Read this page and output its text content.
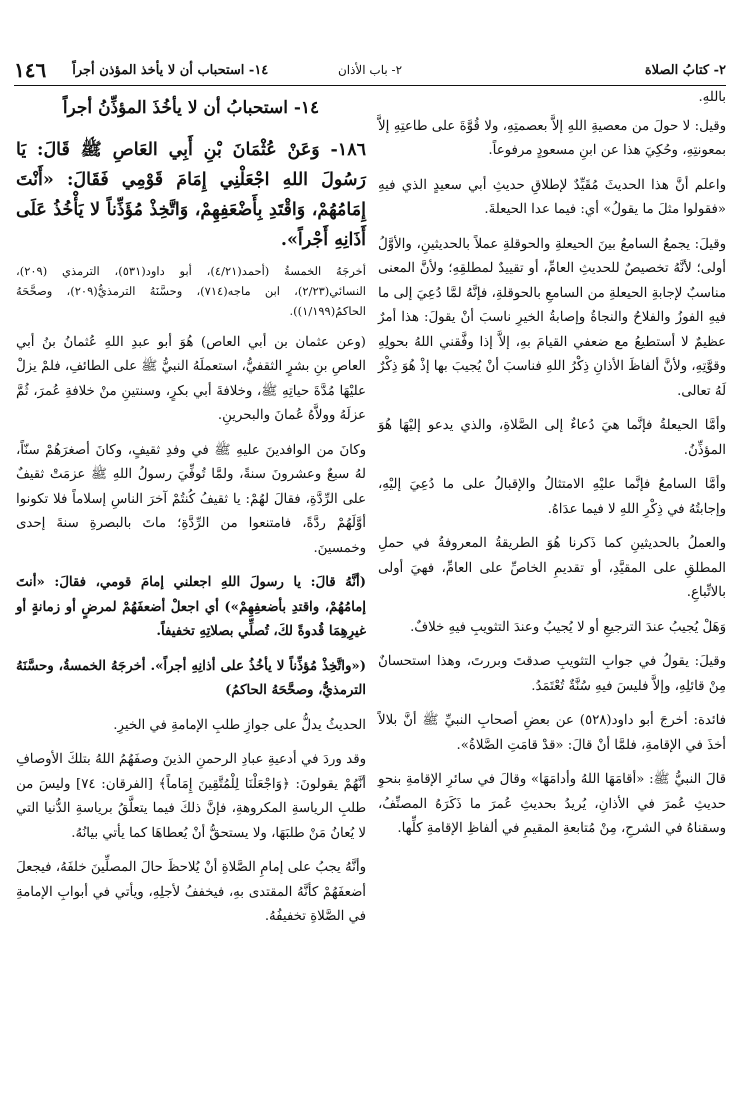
٢- كتابُ الصلاة
٢- باب الأذان
١٤- استحباب أن لا يأخذ المؤذن أجراً
١٤٦

باللهِ.

وقيل: لا حولَ من معصيةِ اللهِ إلاَّ بعصمتِهِ، ولا قُوَّةَ على طاعتِهِ إلاَّ بمعونتِهِ، وحُكِيَ هذا عن ابنِ مسعودٍ مرفوعاً.

واعلم أنَّ هذا الحديثَ مُقَيِّدٌ لإطلاقِ حديثِ أبي سعيدٍ الذي فيهِ «فقولوا مثلَ ما يقولُ» أي: فيما عدا الحيعلةَ.

وقيلَ: يجمعُ السامعُ بينَ الحيعلةِ والحوقلةِ عملاً بالحديثينِ، والأوَّلُ أولى؛ لأنَّهُ تخصيصٌ للحديثِ العامِّ، أو تقييدٌ لمطلقِهِ؛ ولأنَّ المعنى مناسبٌ لإجابةِ الحيعلةِ من السامعِ بالحوقلةِ، فإنَّهُ لمَّا دُعِيَ إلى ما فيهِ الفوزُ والفلاحُ والنجاةُ وإصابةُ الخيرِ ناسبَ أنْ يقولَ: هذا أمرٌ عظيمٌ لا أستطيعُ مع ضعفي القيامَ بهِ، إلاَّ إذا وفَّقني اللهُ بحولِهِ وقوَّتِهِ، ولأنَّ ألفاظَ الأذانِ ذِكْرُ اللهِ فناسبَ أنْ يُجيبَ بها إذْ هُوَ ذِكْرٌ لَهُ تعالى.

وأمَّا الحيعلةُ فإنَّما هيَ دُعاءٌ إلى الصَّلاةِ، والذي يدعو إليْهَا هُوَ المؤذِّنُ.

وأمَّا السامعُ فإنَّما عليْهِ الامتثالُ والإقبالُ على ما دُعِيَ إليْهِ، وإجابتُهُ في ذِكْرِ اللهِ لا فيما عدَاهُ.

والعملُ بالحديثينِ كما ذَكرنا هُوَ الطريقةُ المعروفةُ في حملِ المطلقِ على المقيَّدِ، أو تقديمِ الخاصِّ على العامِّ، فهيَ أولى بالاتِّباعِ.

وَهَلْ يُجيبُ عندَ الترجيعِ أو لا يُجيبُ وعندَ التثويبِ فيهِ خلافٌ.

وقيلَ: يقولُ في جوابِ التثويبِ صدقتَ وبررتَ، وهذا استحسانٌ مِنْ قائلِهِ، وإلاَّ فليسَ فيهِ سُنَّةٌ تُعْتَمَدُ.

فائدة: أخرجَ أبو داود(٥٢٨) عن بعضِ أصحابِ النبيِّ ﷺ أنَّ بلالاً أخذَ في الإقامةِ، فلمَّا أنْ قالَ: «قدْ قامَتِ الصَّلاةُ».

قالَ النبيُّ ﷺ: «أقامَهَا اللهُ وأدامَهَا» وقالَ في سائرِ الإقامةِ بنحوِ حديثِ عُمرَ في الأذانِ، يُريدُ بحديثِ عُمرَ ما ذَكَرَهُ المصنِّفُ، وسقناهُ في الشرحِ، مِنْ مُتابعةِ المقيمِ في ألفاظِ الإقامةِ كلِّها.

١٤- استحبابُ أن لا يأخُذَ المؤذِّنُ أجراً

١٨٦- وَعَنْ عُثْمَانَ بْنِ أَبِي العَاصِ ﷺ قَالَ: يَا رَسُولَ اللهِ اجْعَلْنِي إِمَامَ قَوْمِي فَقَالَ: «أَنْتَ إِمَامُهُمْ، وَاقْتَدِ بِأَضْعَفِهِمْ، وَاتَّخِذْ مُؤَذِّناً لا يَأْخُذُ عَلَى أَذَانِهِ أَجْراً».

أخرجَهُ الخمسةُ (أحمد(٤/٢١)، أبو داود(٥٣١)، الترمذي (٢٠٩)، النسائي(٢/٢٣)، ابن ماجه(٧١٤)، وحسَّنَهُ الترمذيُّ(٢٠٩)، وصحَّحَهُ الحاكمُ(١/١٩٩)).

(وعن عثمان بن أبي العاص) هُوَ أبو عبدِ اللهِ عُثمانُ بنُ أبي العاصِ بنِ بشرٍ الثقفيُّ، استعملَهُ النبيُّ ﷺ على الطائفِ، فلمْ يزلْ عليْهَا مُدَّةَ حياتِهِ ﷺ، وخلافةَ أبي بكرٍ، وسنتينِ منْ خلافةِ عُمرَ، ثُمَّ عزلَهُ وولاَّهُ عُمانَ والبحرينِ.

وكانَ من الوافدينَ عليهِ ﷺ في وفدِ ثقيفٍ، وكانَ أصغرَهُمْ سنّاً، لهُ سبعٌ وعشرونَ سنةً، ولمَّا تُوفِّيَ رسولُ اللهِ ﷺ عزمَتْ ثقيفٌ على الرِّدَّةِ، فقالَ لهُمْ: يا ثقيفُ كُنتُمْ آخرَ الناسِ إسلاماً فلا تكونوا أوَّلَهُمْ ردَّةً، فامتنعوا من الرِّدَّةِ؛ ماتَ بالبصرةِ سنةَ إحدى وخمسينَ.

(أنَّهُ قالَ: يا رسولَ اللهِ اجعلني إمامَ قومي، فقالَ: «أنتَ إمامُهُمْ، واقتدِ بأضعفِهِمْ») أي اجعلْ أضعفَهُمْ لمرضٍ أو زمانةٍ أو غيرِهِمَا قُدوةً لكَ، تُصلِّي بصلاتِهِ تخفيفاً.

(«واتَّخِذْ مُؤذِّناً لا يأخُذُ على أذانِهِ أجراً». أخرجَهُ الخمسةُ، وحسَّنَهُ الترمذيُّ، وصحَّحَهُ الحاكمُ)

الحديثُ يدلُّ على جوازِ طلبِ الإمامةِ في الخيرِ.

وقد وردَ في أدعيةِ عبادِ الرحمنِ الذينَ وصفَهُمُ اللهُ بتلكَ الأوصافِ أنَّهُمْ يقولونَ: ﴿وَاجْعَلْنَا لِلْمُتَّقِينَ إِمَاماً﴾ [الفرقان: ٧٤] وليسَ من طلبِ الرياسةِ المكروهةِ، فإنَّ ذلكَ فيما يتعلَّقُ برياسةِ الدُّنيا التي لا يُعانُ مَنْ طلبَهَا، ولا يستحقُّ أنْ يُعطاهَا كما يأتي بيانُهُ.

وأنَّهُ يجبُ على إمامِ الصَّلاةِ أنْ يُلاحظَ حالَ المصلِّينَ خلفَهُ، فيجعلَ أضعفَهُمْ كأنَّهُ المقتدى بهِ، فيخففُ لأجلِهِ، ويأتي في أبوابِ الإمامةِ في الصَّلاةِ تخفيفُهُ.
